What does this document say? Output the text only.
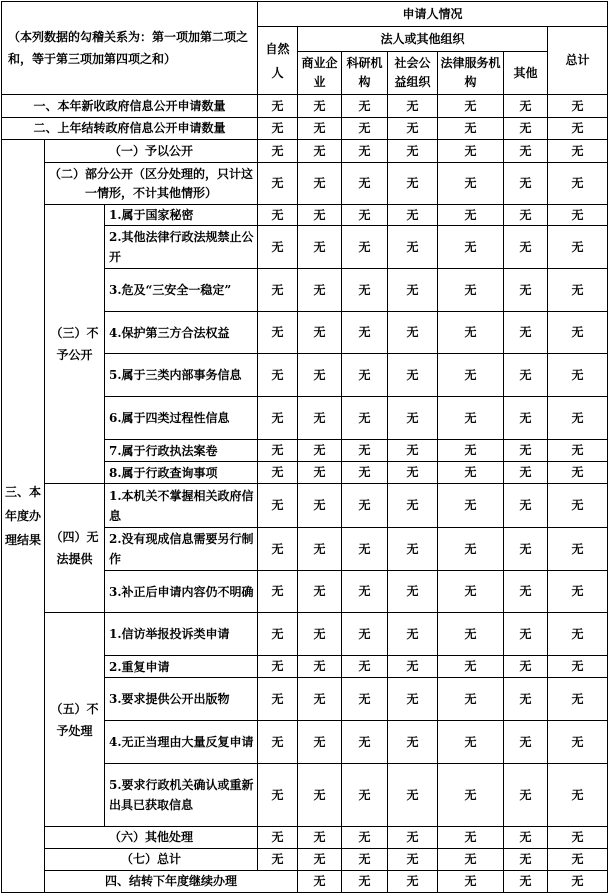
（本列数据的勾稽关系为：第一项加第二项之和，等于第三项加第四项之和）			申请人情况							
			自然人	法人或其他组织					总计	
				商业企业	科研机构	社会公益组织	法律服务机构	其他		
一、本年新收政府信息公开申请数量			无	无	无	无	无	无	无	
二、上年结转政府信息公开申请数量			无	无	无	无	无	无	无	
三、本年度办理结果	（一）予以公开		无	无	无	无	无	无	无	
	（二）部分公开（区分处理的，只计这一情形，不计其他情形）		无	无	无	无	无	无	无	
	（三）不予公开	1.属于国家秘密	无	无	无	无	无	无	无	
		2.其他法律行政法规禁止公开	无	无	无	无	无	无	无	
		3.危及“三安全一稳定”	无	无	无	无	无	无	无	
		4.保护第三方合法权益	无	无	无	无	无	无	无	
		5.属于三类内部事务信息	无	无	无	无	无	无	无	
		6.属于四类过程性信息	无	无	无	无	无	无	无	
		7.属于行政执法案卷	无	无	无	无	无	无	无	
		8.属于行政查询事项	无	无	无	无	无	无	无	
	（四）无法提供	1.本机关不掌握相关政府信息	无	无	无	无	无	无	无	
		2.没有现成信息需要另行制作	无	无	无	无	无	无	无	
		3.补正后申请内容仍不明确	无	无	无	无	无	无	无	
	（五）不予处理	1.信访举报投诉类申请	无	无	无	无	无	无	无	
		2.重复申请	无	无	无	无	无	无	无	
		3.要求提供公开出版物	无	无	无	无	无	无	无	
		4.无正当理由大量反复申请	无	无	无	无	无	无	无	
		5.要求行政机关确认或重新出具已获取信息	无	无	无	无	无	无	无	
	（六）其他处理		无	无	无	无	无	无	无	
	（七）总计		无	无	无	无	无	无	无	
	四、结转下年度继续办理			无	无	无	无	无	无	
